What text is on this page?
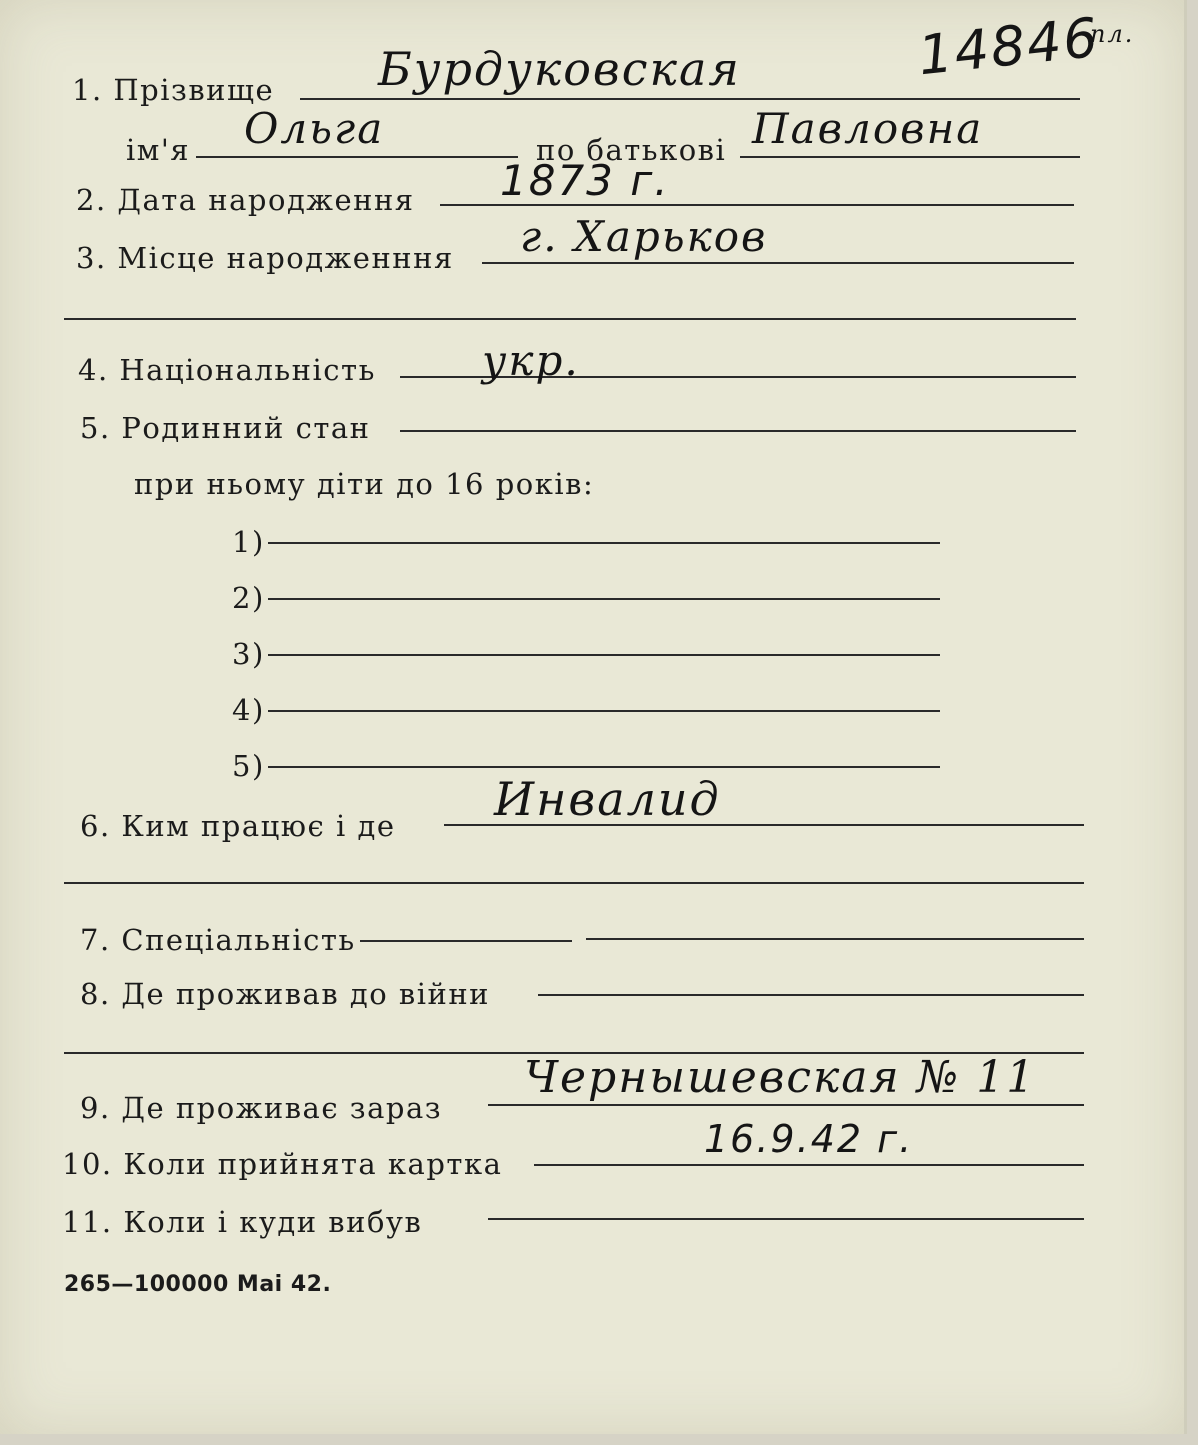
14846
пл.
1. Прізвище Бурдуковская
ім'я Ольга	по батькові Павловна
2. Дата народження 1873 г.
3. Місце народженння г. Харьков
4. Національність	укр.
5. Родинний стан
при ньому діти до 16 років:
1)
2)
3)
4)
5)
6. Ким працює і де Инвалид
7. Спеціальність
8. Де проживав до війни
9. Де проживає зараз
Чернышевская № 11
10. Коли прийнята картка
16.9.42 г.
11. Коли і куди вибув
265—100000 Mai 42.
